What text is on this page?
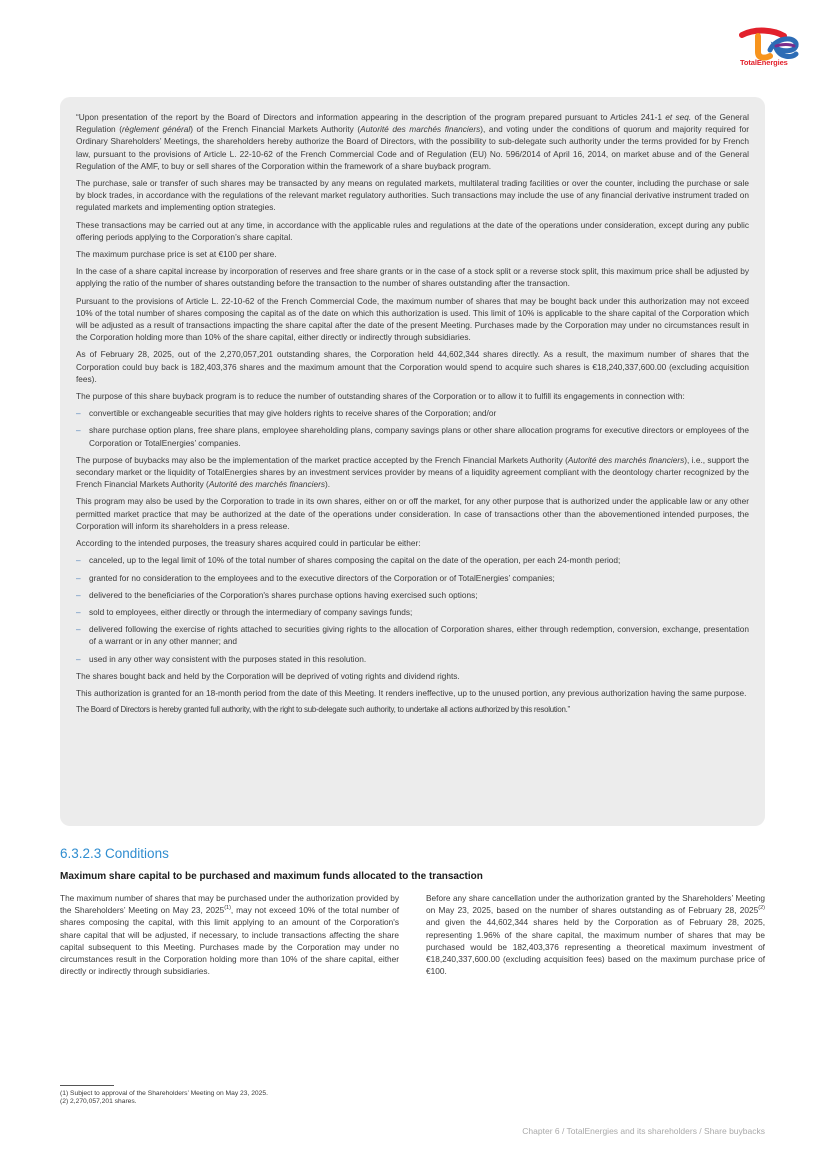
TotalEnergies

“Upon presentation of the report by the Board of Directors and information appearing in the description of the program prepared pursuant to Articles 241-1 et seq. of the General Regulation (règlement général) of the French Financial Markets Authority (Autorité des marchés financiers), and voting under the conditions of quorum and majority required for Ordinary Shareholders’ Meetings, the shareholders hereby authorize the Board of Directors, with the possibility to sub-delegate such authority under the terms provided for by French law, pursuant to the provisions of Article L. 22-10-62 of the French Commercial Code and of Regulation (EU) No. 596/2014 of April 16, 2014, on market abuse and of the General Regulation of the AMF, to buy or sell shares of the Corporation within the framework of a share buyback program.

The purchase, sale or transfer of such shares may be transacted by any means on regulated markets, multilateral trading facilities or over the counter, including the purchase or sale by block trades, in accordance with the regulations of the relevant market regulatory authorities. Such transactions may include the use of any financial derivative instrument traded on regulated markets and implementing option strategies.

These transactions may be carried out at any time, in accordance with the applicable rules and regulations at the date of the operations under consideration, except during any public offering periods applying to the Corporation’s share capital.

The maximum purchase price is set at €100 per share.

In the case of a share capital increase by incorporation of reserves and free share grants or in the case of a stock split or a reverse stock split, this maximum price shall be adjusted by applying the ratio of the number of shares outstanding before the transaction to the number of shares outstanding after the transaction.

Pursuant to the provisions of Article L. 22-10-62 of the French Commercial Code, the maximum number of shares that may be bought back under this authorization may not exceed 10% of the total number of shares composing the capital as of the date on which this authorization is used. This limit of 10% is applicable to the share capital of the Corporation which will be adjusted as a result of transactions impacting the share capital after the date of the present Meeting. Purchases made by the Corporation may under no circumstances result in the Corporation holding more than 10% of the share capital, either directly or indirectly through subsidiaries.

As of February 28, 2025, out of the 2,270,057,201 outstanding shares, the Corporation held 44,602,344 shares directly. As a result, the maximum number of shares that the Corporation could buy back is 182,403,376 shares and the maximum amount that the Corporation would spend to acquire such shares is €18,240,337,600.00 (excluding acquisition fees).

The purpose of this share buyback program is to reduce the number of outstanding shares of the Corporation or to allow it to fulfill its engagements in connection with:

– convertible or exchangeable securities that may give holders rights to receive shares of the Corporation; and/or
– share purchase option plans, free share plans, employee shareholding plans, company savings plans or other share allocation programs for executive directors or employees of the Corporation or TotalEnergies’ companies.

The purpose of buybacks may also be the implementation of the market practice accepted by the French Financial Markets Authority (Autorité des marchés financiers), i.e., support the secondary market or the liquidity of TotalEnergies shares by an investment services provider by means of a liquidity agreement compliant with the deontology charter recognized by the French Financial Markets Authority (Autorité des marchés financiers).

This program may also be used by the Corporation to trade in its own shares, either on or off the market, for any other purpose that is authorized under the applicable law or any other permitted market practice that may be authorized at the date of the operations under consideration. In case of transactions other than the abovementioned intended purposes, the Corporation will inform its shareholders in a press release.

According to the intended purposes, the treasury shares acquired could in particular be either:

– canceled, up to the legal limit of 10% of the total number of shares composing the capital on the date of the operation, per each 24-month period;
– granted for no consideration to the employees and to the executive directors of the Corporation or of TotalEnergies’ companies;
– delivered to the beneficiaries of the Corporation's shares purchase options having exercised such options;
– sold to employees, either directly or through the intermediary of company savings funds;
– delivered following the exercise of rights attached to securities giving rights to the allocation of Corporation shares, either through redemption, conversion, exchange, presentation of a warrant or in any other manner; and
– used in any other way consistent with the purposes stated in this resolution.

The shares bought back and held by the Corporation will be deprived of voting rights and dividend rights.

This authorization is granted for an 18-month period from the date of this Meeting. It renders ineffective, up to the unused portion, any previous authorization having the same purpose.

The Board of Directors is hereby granted full authority, with the right to sub-delegate such authority, to undertake all actions authorized by this resolution.”

6.3.2.3 Conditions
Maximum share capital to be purchased and maximum funds allocated to the transaction
The maximum number of shares that may be purchased under the authorization provided by the Shareholders’ Meeting on May 23, 2025$^{(1)}$, may not exceed 10% of the total number of shares composing the capital, with this limit applying to an amount of the Corporation's share capital that will be adjusted, if necessary, to include transactions affecting the share capital subsequent to this Meeting. Purchases made by the Corporation may under no circumstances result in the Corporation holding more than 10% of the share capital, either directly or indirectly through subsidiaries.
Before any share cancellation under the authorization granted by the Shareholders’ Meeting on May 23, 2025, based on the number of shares outstanding as of February 28, 2025$^{(2)}$ and given the 44,602,344 shares held by the Corporation as of February 28, 2025, representing 1.96% of the share capital, the maximum number of shares that may be purchased would be 182,403,376 representing a theoretical maximum investment of €18,240,337,600.00 (excluding acquisition fees) based on the maximum purchase price of €100.
(1) Subject to approval of the Shareholders’ Meeting on May 23, 2025.
(2) 2,270,057,201 shares.
Chapter 6 / TotalEnergies and its shareholders / Share buybacks
